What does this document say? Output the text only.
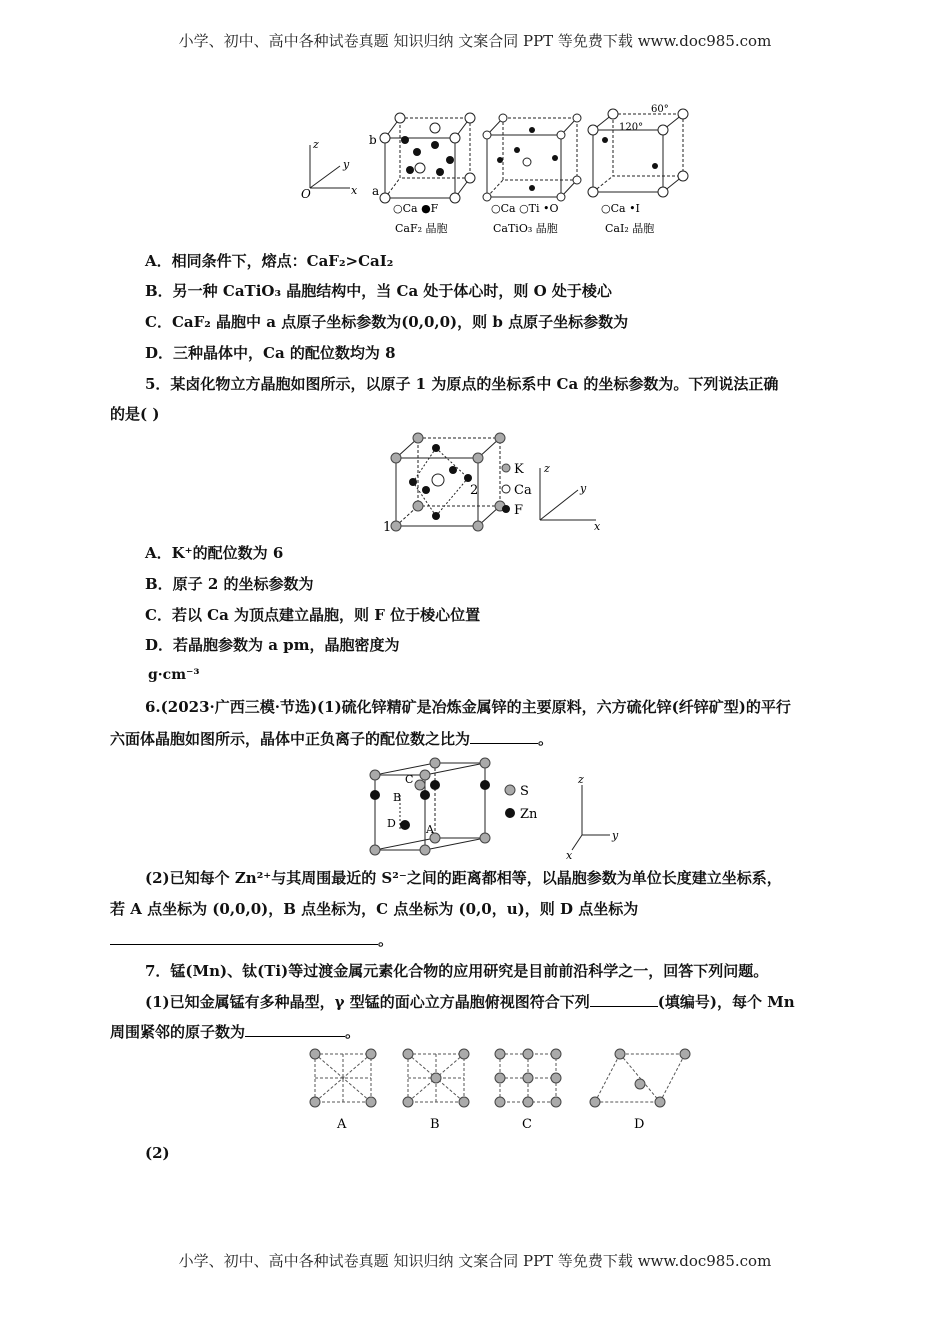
小学、初中、高中各种试卷真题 知识归纳 文案合同 PPT 等免费下载 www.doc985.com
z
y
x
O	a
b
60°
120°
○Ca ●F
CaF₂ 晶胞
○Ca ○Ti •O
CaTiO₃ 晶胞
○Ca •I
CaI₂ 晶胞
A．相同条件下，熔点：CaF₂>CaI₂
B．另一种 CaTiO₃ 晶胞结构中，当 Ca 处于体心时，则 O 处于棱心
C．CaF₂ 晶胞中 a 点原子坐标参数为(0,0,0)，则 b 点原子坐标参数为
D．三种晶体中，Ca 的配位数均为 8
5．某卤化物立方晶胞如图所示，以原子 1 为原点的坐标系中 Ca 的坐标参数为。下列说法正确
的是( )
1
2
K
Ca
F
z
y
x
A．K⁺的配位数为 6
B．原子 2 的坐标参数为
C．若以 Ca 为顶点建立晶胞，则 F 位于棱心位置
D．若晶胞参数为 a pm，晶胞密度为
g·cm⁻³
6.(2023·广西三模·节选)(1)硫化锌精矿是冶炼金属锌的主要原料，六方硫化锌(纤锌矿型)的平行
六面体晶胞如图所示，晶体中正负离子的配位数之比为	。
C
B
D	A
S
Zn
z
y
x
(2)已知每个 Zn²⁺与其周围最近的 S²⁻之间的距离都相等，以晶胞参数为单位长度建立坐标系，
若 A 点坐标为 (0,0,0)，B 点坐标为，C 点坐标为 (0,0，u)，则 D 点坐标为
。
7．锰(Mn)、钛(Ti)等过渡金属元素化合物的应用研究是目前前沿科学之一，回答下列问题。
(1)已知金属锰有多种晶型，γ 型锰的面心立方晶胞俯视图符合下列	(填编号)，每个 Mn
周围紧邻的原子数为	。
A	B	C	D
(2)
小学、初中、高中各种试卷真题 知识归纳 文案合同 PPT 等免费下载 www.doc985.com
